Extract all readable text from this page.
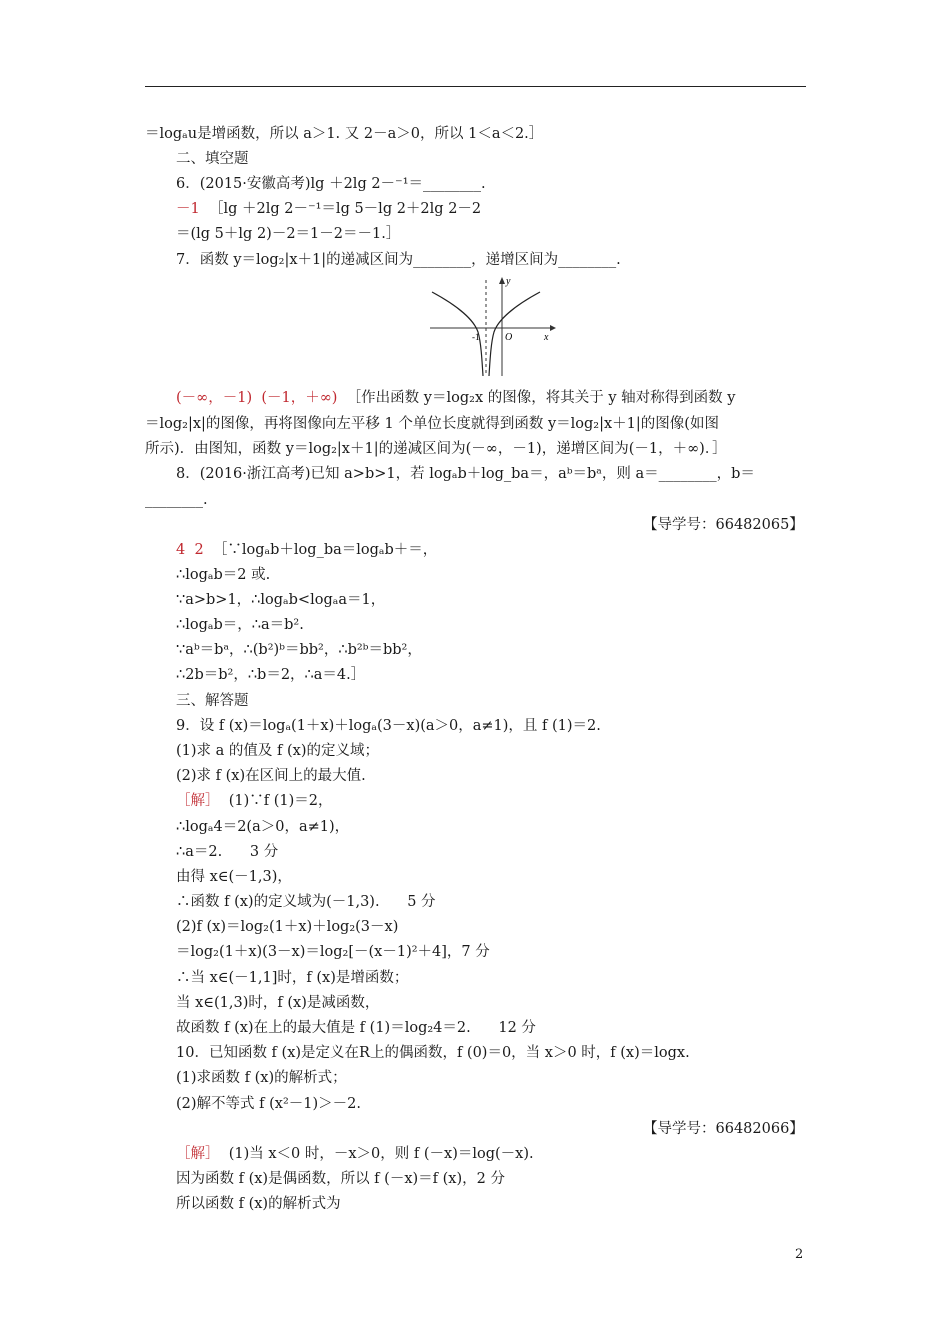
＝logₐu是增函数，所以 a＞1. 又 2－a＞0，所以 1＜a＜2.］
二、填空题
6．(2015·安徽高考)lg ＋2lg 2－⁻¹＝________.
－1  ［lg ＋2lg 2－⁻¹＝lg 5－lg 2＋2lg 2－2
＝(lg 5＋lg 2)－2＝1－2＝－1.］
7．函数 y＝log₂|x＋1|的递减区间为________，递增区间为________.
(－∞，－1)  (－1，＋∞)  ［作出函数 y＝log₂x 的图像，将其关于 y 轴对称得到函数 y
＝log₂|x|的图像，再将图像向左平移 1 个单位长度就得到函数 y＝log₂|x＋1|的图像(如图
所示)．由图知，函数 y＝log₂|x＋1|的递减区间为(－∞，－1)，递增区间为(－1，＋∞)．］
8．(2016·浙江高考)已知 a>b>1，若 logₐb＋log_ba＝，aᵇ＝bᵃ，则 a＝________，b＝
________.
【导学号：66482065】
4  2  ［∵logₐb＋log_ba＝logₐb＋＝，
∴logₐb＝2 或.
∵a>b>1，∴logₐb<logₐa＝1，
∴logₐb＝，∴a＝b².
∵aᵇ＝bᵃ，∴(b²)ᵇ＝bb²，∴b²ᵇ＝bb²，
∴2b＝b²，∴b＝2，∴a＝4.］
三、解答题
9．设 f (x)＝logₐ(1＋x)＋logₐ(3－x)(a＞0，a≠1)，且 f (1)＝2.
(1)求 a 的值及 f (x)的定义域；
(2)求 f (x)在区间上的最大值.
［解］  (1)∵f (1)＝2，
∴logₐ4＝2(a＞0，a≠1)，
∴a＝2.      3 分
由得 x∈(－1,3)，
∴函数 f (x)的定义域为(－1,3).      5 分
(2)f (x)＝log₂(1＋x)＋log₂(3－x)
＝log₂(1＋x)(3－x)＝log₂[－(x－1)²＋4]，7 分
∴当 x∈(－1,1]时，f (x)是增函数；
当 x∈(1,3)时，f (x)是减函数，
故函数 f (x)在上的最大值是 f (1)＝log₂4＝2.      12 分
10．已知函数 f (x)是定义在R上的偶函数，f (0)＝0，当 x＞0 时，f (x)＝logx.
(1)求函数 f (x)的解析式；
(2)解不等式 f (x²－1)＞－2.
【导学号：66482066】
［解］  (1)当 x＜0 时，－x＞0，则 f (－x)＝log(－x).
因为函数 f (x)是偶函数，所以 f (－x)＝f (x)，2 分
所以函数 f (x)的解析式为
y
x
O
-1
2
